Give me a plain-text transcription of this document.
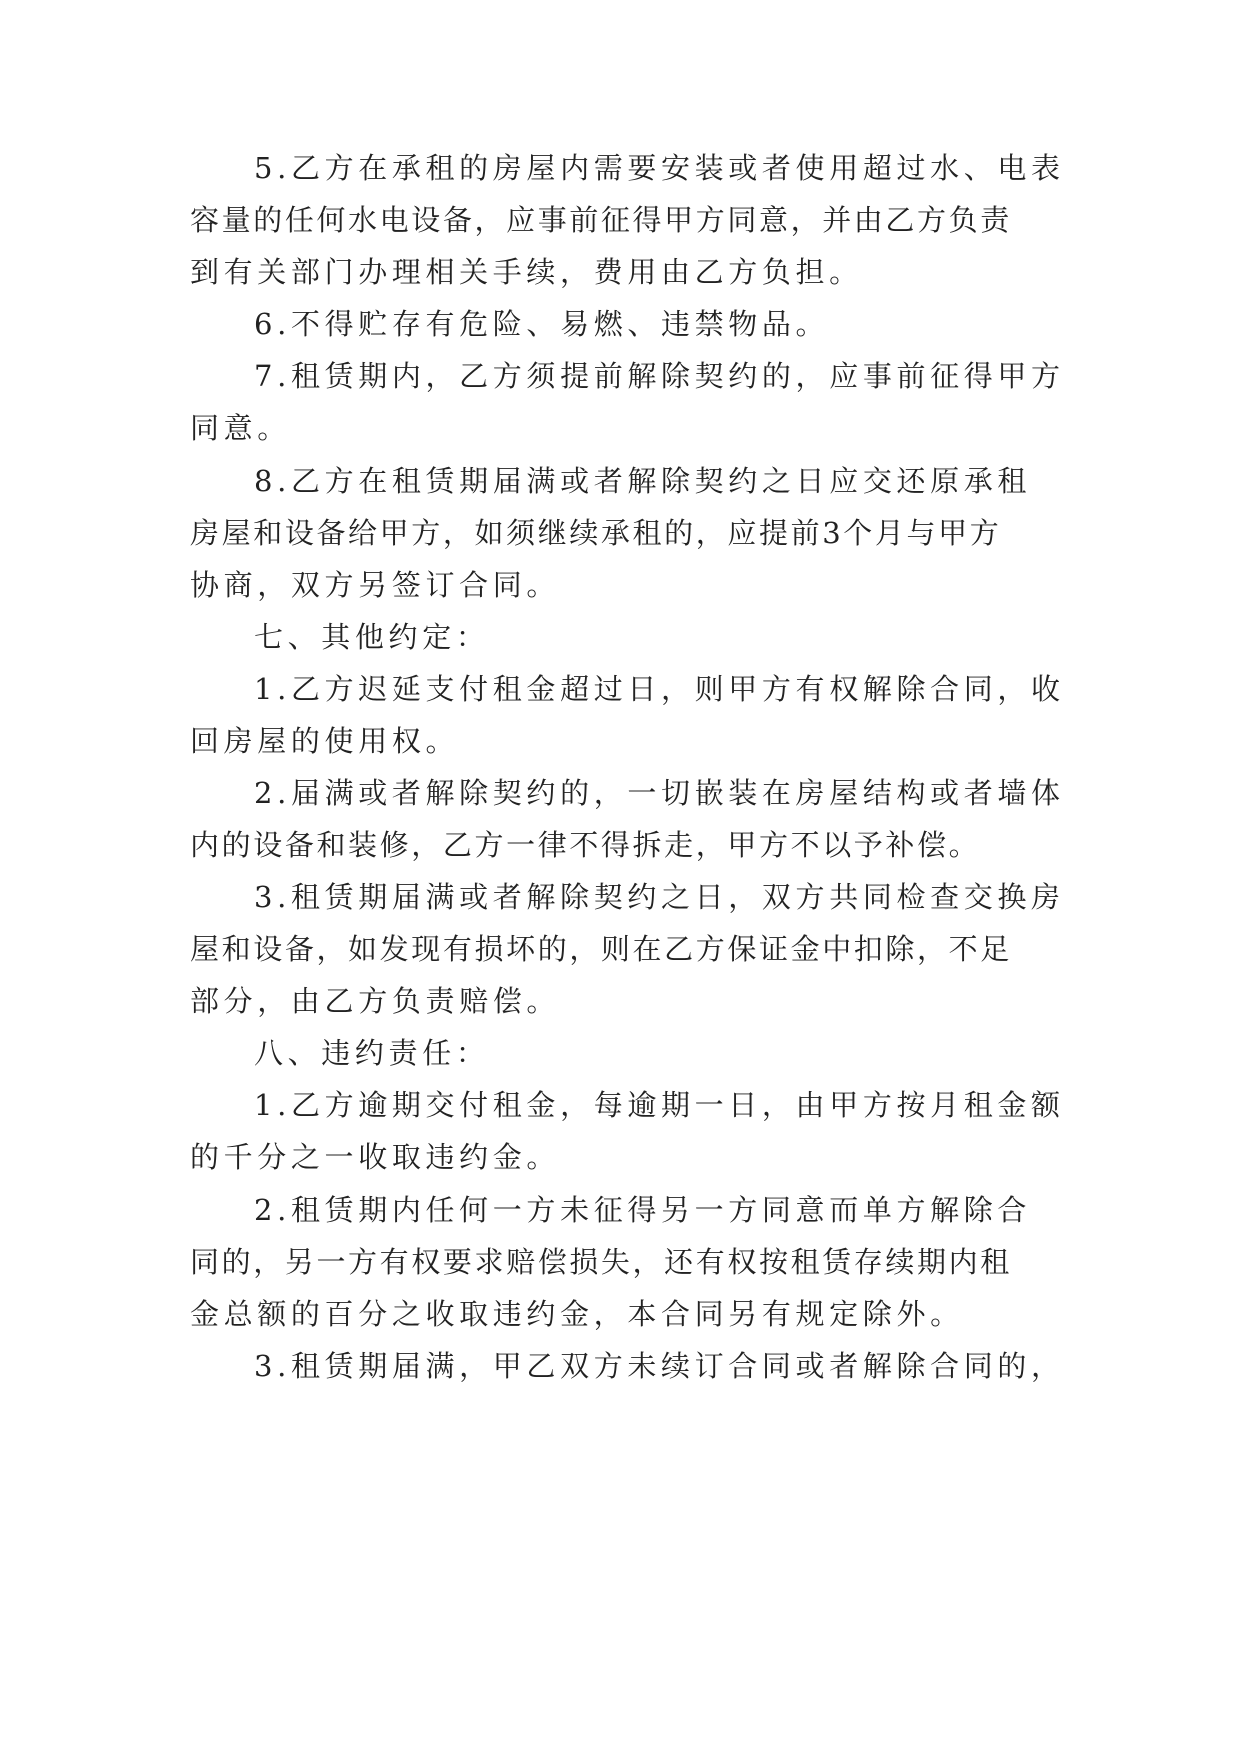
5.乙方在承租的房屋内需要安装或者使用超过水、电表
容量的任何水电设备，应事前征得甲方同意，并由乙方负责
到有关部门办理相关手续，费用由乙方负担。
6.不得贮存有危险、易燃、违禁物品。
7.租赁期内，乙方须提前解除契约的，应事前征得甲方
同意。
8.乙方在租赁期届满或者解除契约之日应交还原承租
房屋和设备给甲方，如须继续承租的，应提前3个月与甲方
协商，双方另签订合同。
七、其他约定：
1.乙方迟延支付租金超过日，则甲方有权解除合同，收
回房屋的使用权。
2.届满或者解除契约的，一切嵌装在房屋结构或者墙体
内的设备和装修，乙方一律不得拆走，甲方不以予补偿。
3.租赁期届满或者解除契约之日，双方共同检查交换房
屋和设备，如发现有损坏的，则在乙方保证金中扣除，不足
部分，由乙方负责赔偿。
八、违约责任：
1.乙方逾期交付租金，每逾期一日，由甲方按月租金额
的千分之一收取违约金。
2.租赁期内任何一方未征得另一方同意而单方解除合
同的，另一方有权要求赔偿损失，还有权按租赁存续期内租
金总额的百分之收取违约金，本合同另有规定除外。
3.租赁期届满，甲乙双方未续订合同或者解除合同的，
